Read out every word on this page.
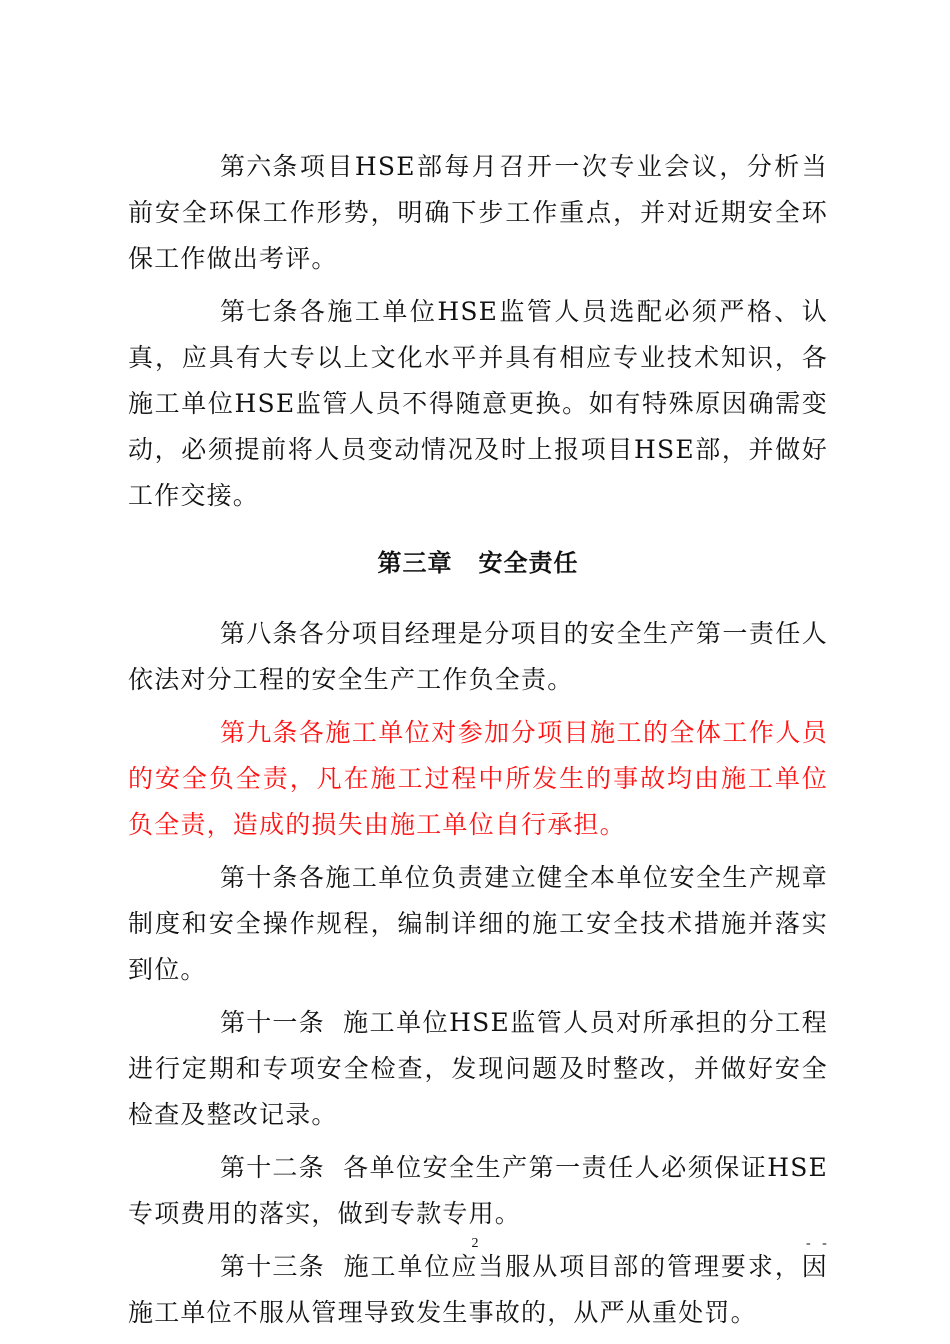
第六条项目HSE部每月召开一次专业会议，分析当前安全环保工作形势，明确下步工作重点，并对近期安全环保工作做出考评。

第七条各施工单位HSE监管人员选配必须严格、认真，应具有大专以上文化水平并具有相应专业技术知识，各施工单位HSE监管人员不得随意更换。如有特殊原因确需变动，必须提前将人员变动情况及时上报项目HSE部，并做好工作交接。

第三章 安全责任

第八条各分项目经理是分项目的安全生产第一责任人依法对分工程的安全生产工作负全责。

第九条各施工单位对参加分项目施工的全体工作人员的安全负全责，凡在施工过程中所发生的事故均由施工单位负全责，造成的损失由施工单位自行承担。

第十条各施工单位负责建立健全本单位安全生产规章制度和安全操作规程，编制详细的施工安全技术措施并落实到位。

第十一条 施工单位HSE监管人员对所承担的分工程进行定期和专项安全检查，发现问题及时整改，并做好安全检查及整改记录。

第十二条 各单位安全生产第一责任人必须保证HSE专项费用的落实，做到专款专用。

第十三条 施工单位应当服从项目部的管理要求，因施工单位不服从管理导致发生事故的，从严从重处罚。

2	- -
